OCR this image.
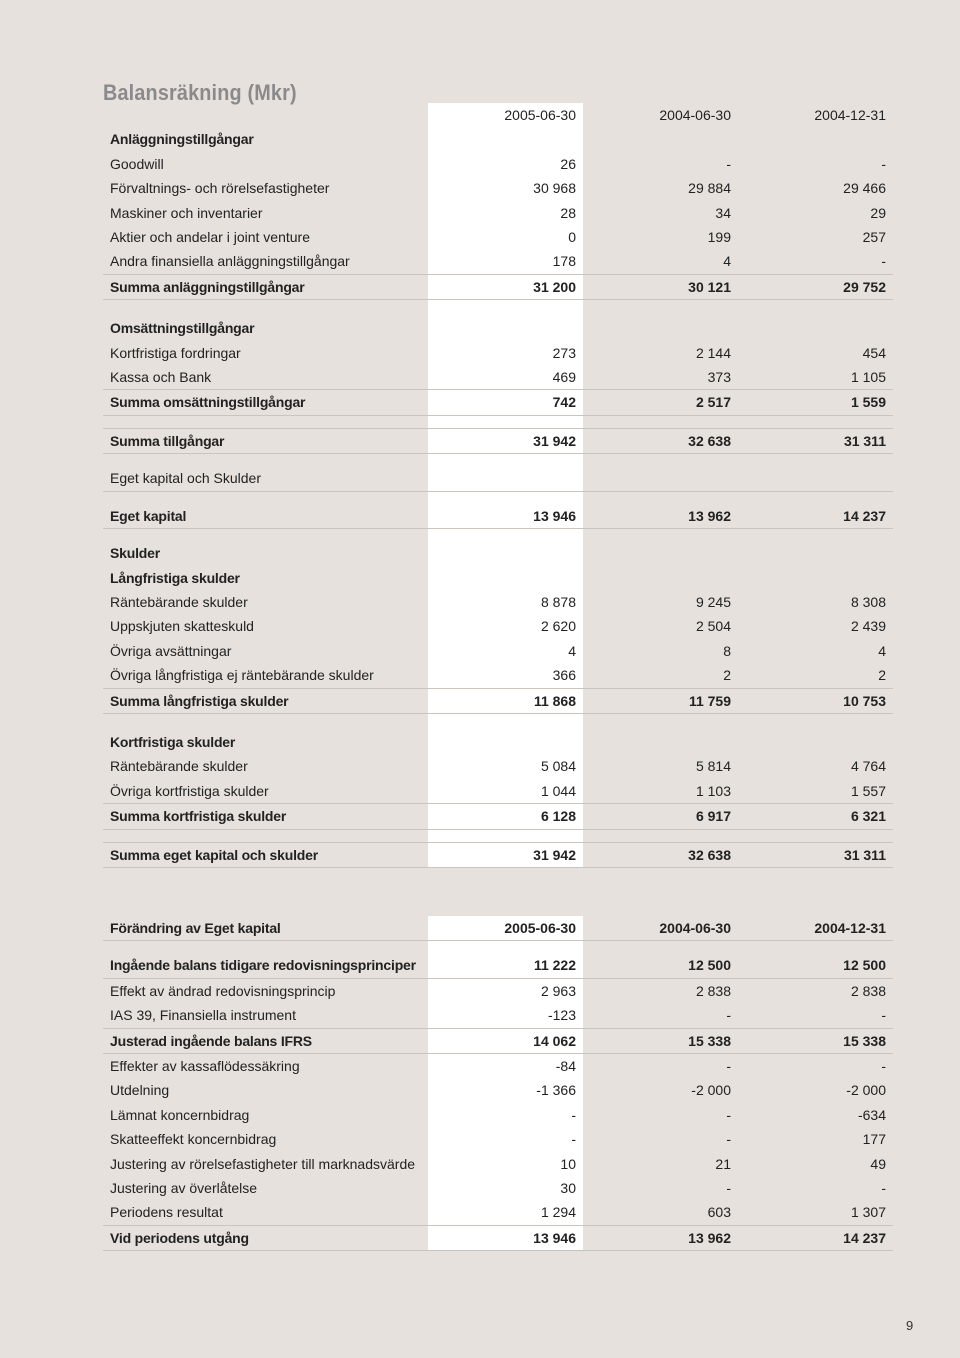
Balansräkning (Mkr)
	2005-06-30	2004-06-30	2004-12-31
Anläggningstillgångar			
Goodwill	26	-	-
Förvaltnings- och rörelsefastigheter	30 968	29 884	29 466
Maskiner och inventarier	28	34	29
Aktier och andelar i joint venture	0	199	257
Andra finansiella anläggningstillgångar	178	4	-
Summa anläggningstillgångar	31 200	30 121	29 752

Omsättningstillgångar			
Kortfristiga fordringar	273	2 144	454
Kassa och Bank	469	373	1 105
Summa omsättningstillgångar	742	2 517	1 559

Summa tillgångar	31 942	32 638	31 311

Eget kapital och Skulder			

Eget kapital	13 946	13 962	14 237

Skulder			
Långfristiga skulder			
Räntebärande skulder	8 878	9 245	8 308
Uppskjuten skatteskuld	2 620	2 504	2 439
Övriga avsättningar	4	8	4
Övriga långfristiga ej räntebärande skulder	366	2	2
Summa långfristiga skulder	11 868	11 759	10 753

Kortfristiga skulder			
Räntebärande skulder	5 084	5 814	4 764
Övriga kortfristiga skulder	1 044	1 103	1 557
Summa kortfristiga skulder	6 128	6 917	6 321

Summa eget kapital och skulder	31 942	32 638	31 311
Förändring av Eget kapital	2005-06-30	2004-06-30	2004-12-31

Ingående balans tidigare redovisningsprinciper	11 222	12 500	12 500
Effekt av ändrad redovisningsprincip	2 963	2 838	2 838
IAS 39, Finansiella instrument	-123	-	-
Justerad ingående balans IFRS	14 062	15 338	15 338
Effekter av kassaflödessäkring	-84	-	-
Utdelning	-1 366	-2 000	-2 000
Lämnat koncernbidrag	-	-	-634
Skatteeffekt koncernbidrag	-	-	177
Justering av rörelsefastigheter till marknadsvärde	10	21	49
Justering av överlåtelse	30	-	-
Periodens resultat	1 294	603	1 307
Vid periodens utgång	13 946	13 962	14 237
9
